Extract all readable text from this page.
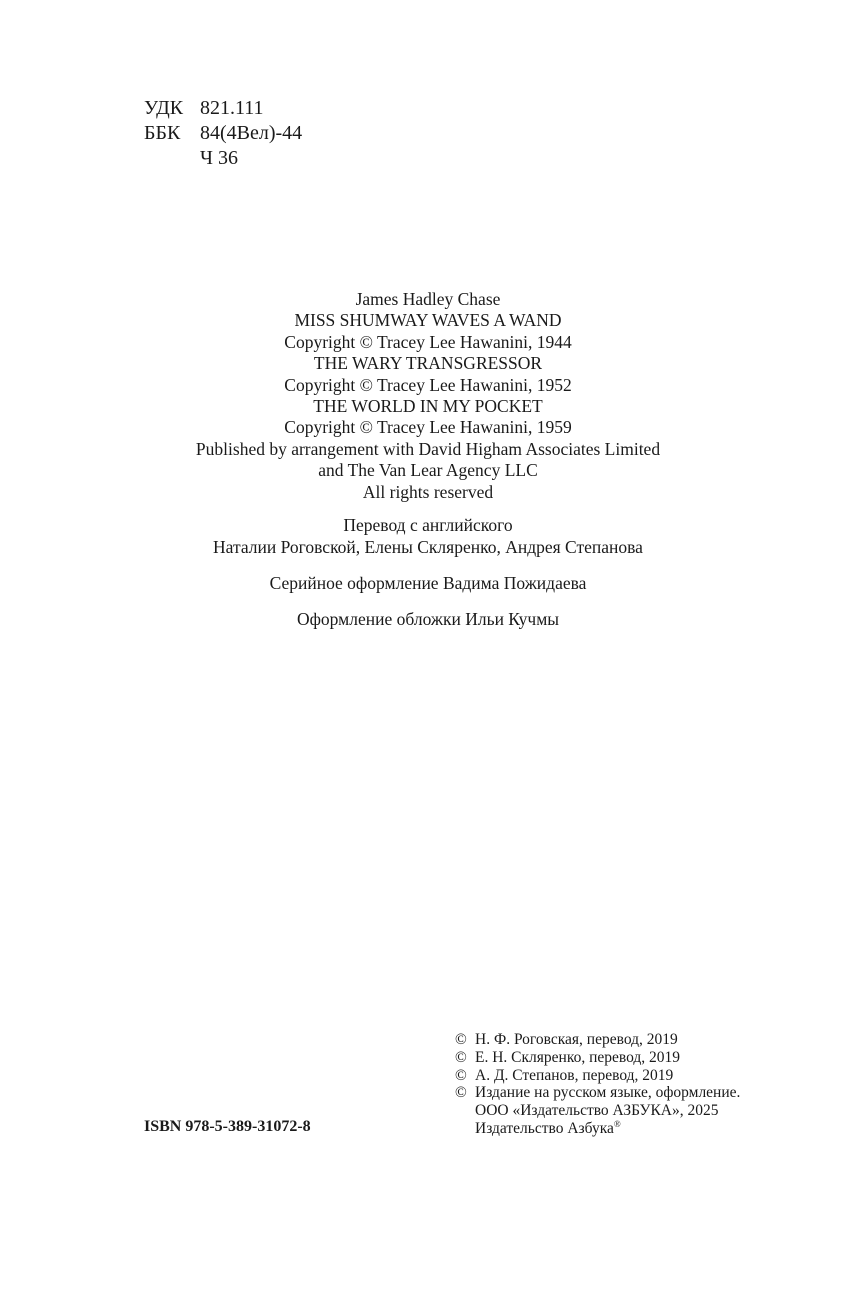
УДК 821.111
ББК 84(4Вел)-44
Ч 36
James Hadley Chase
MISS SHUMWAY WAVES A WAND
Copyright © Tracey Lee Hawanini, 1944
THE WARY TRANSGRESSOR
Copyright © Tracey Lee Hawanini, 1952
THE WORLD IN MY POCKET
Copyright © Tracey Lee Hawanini, 1959
Published by arrangement with David Higham Associates Limited
and The Van Lear Agency LLC
All rights reserved
Перевод с английского
Наталии Роговской, Елены Скляренко, Андрея Степанова
Серийное оформление Вадима Пожидаева
Оформление обложки Ильи Кучмы
ISBN 978-5-389-31072-8
© Н. Ф. Роговская, перевод, 2019
© Е. Н. Скляренко, перевод, 2019
© А. Д. Степанов, перевод, 2019
© Издание на русском языке, оформление.
ООО «Издательство АЗБУКА», 2025
Издательство Азбука®
